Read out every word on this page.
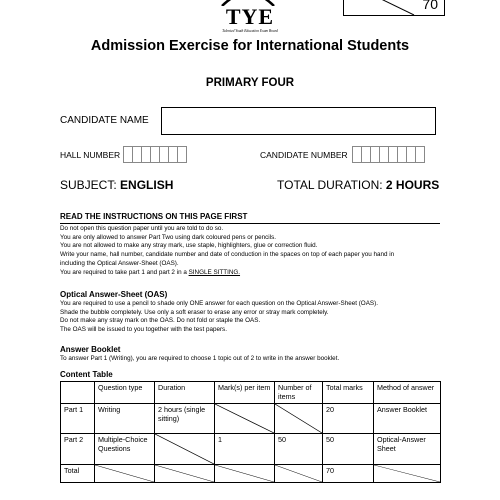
TYE
Talented Youth Education Exam Board
70
Admission Exercise for International Students
PRIMARY FOUR
CANDIDATE NAME
HALL NUMBER	CANDIDATE NUMBER
SUBJECT: ENGLISH	TOTAL DURATION: 2 HOURS
READ THE INSTRUCTIONS ON THIS PAGE FIRST
Do not open this question paper until you are told to do so.
You are only allowed to answer Part Two using dark coloured pens or pencils.
You are not allowed to make any stray mark, use staple, highlighters, glue or correction fluid.
Write your name, hall number, candidate number and date of conduction in the spaces on top of each paper you hand in
including the Optical Answer-Sheet (OAS).
You are required to take part 1 and part 2 in a SINGLE SITTING.
Optical Answer-Sheet (OAS)
You are required to use a pencil to shade only ONE answer for each question on the Optical Answer-Sheet (OAS).
Shade the bubble completely. Use only a soft eraser to erase any error or stray mark completely.
Do not make any stray mark on the OAS. Do not fold or staple the OAS.
The OAS will be issued to you together with the test papers.
Answer Booklet
To answer Part 1 (Writing), you are required to choose 1 topic out of 2 to write in the answer booklet.
Content Table
	Question type	Duration	Mark(s) per item	Number of items	Total marks	Method of answer
Part 1	Writing	2 hours (single sitting)			20	Answer Booklet
Part 2	Multiple-Choice Questions		1	50	50	Optical-Answer Sheet
Total					70	
